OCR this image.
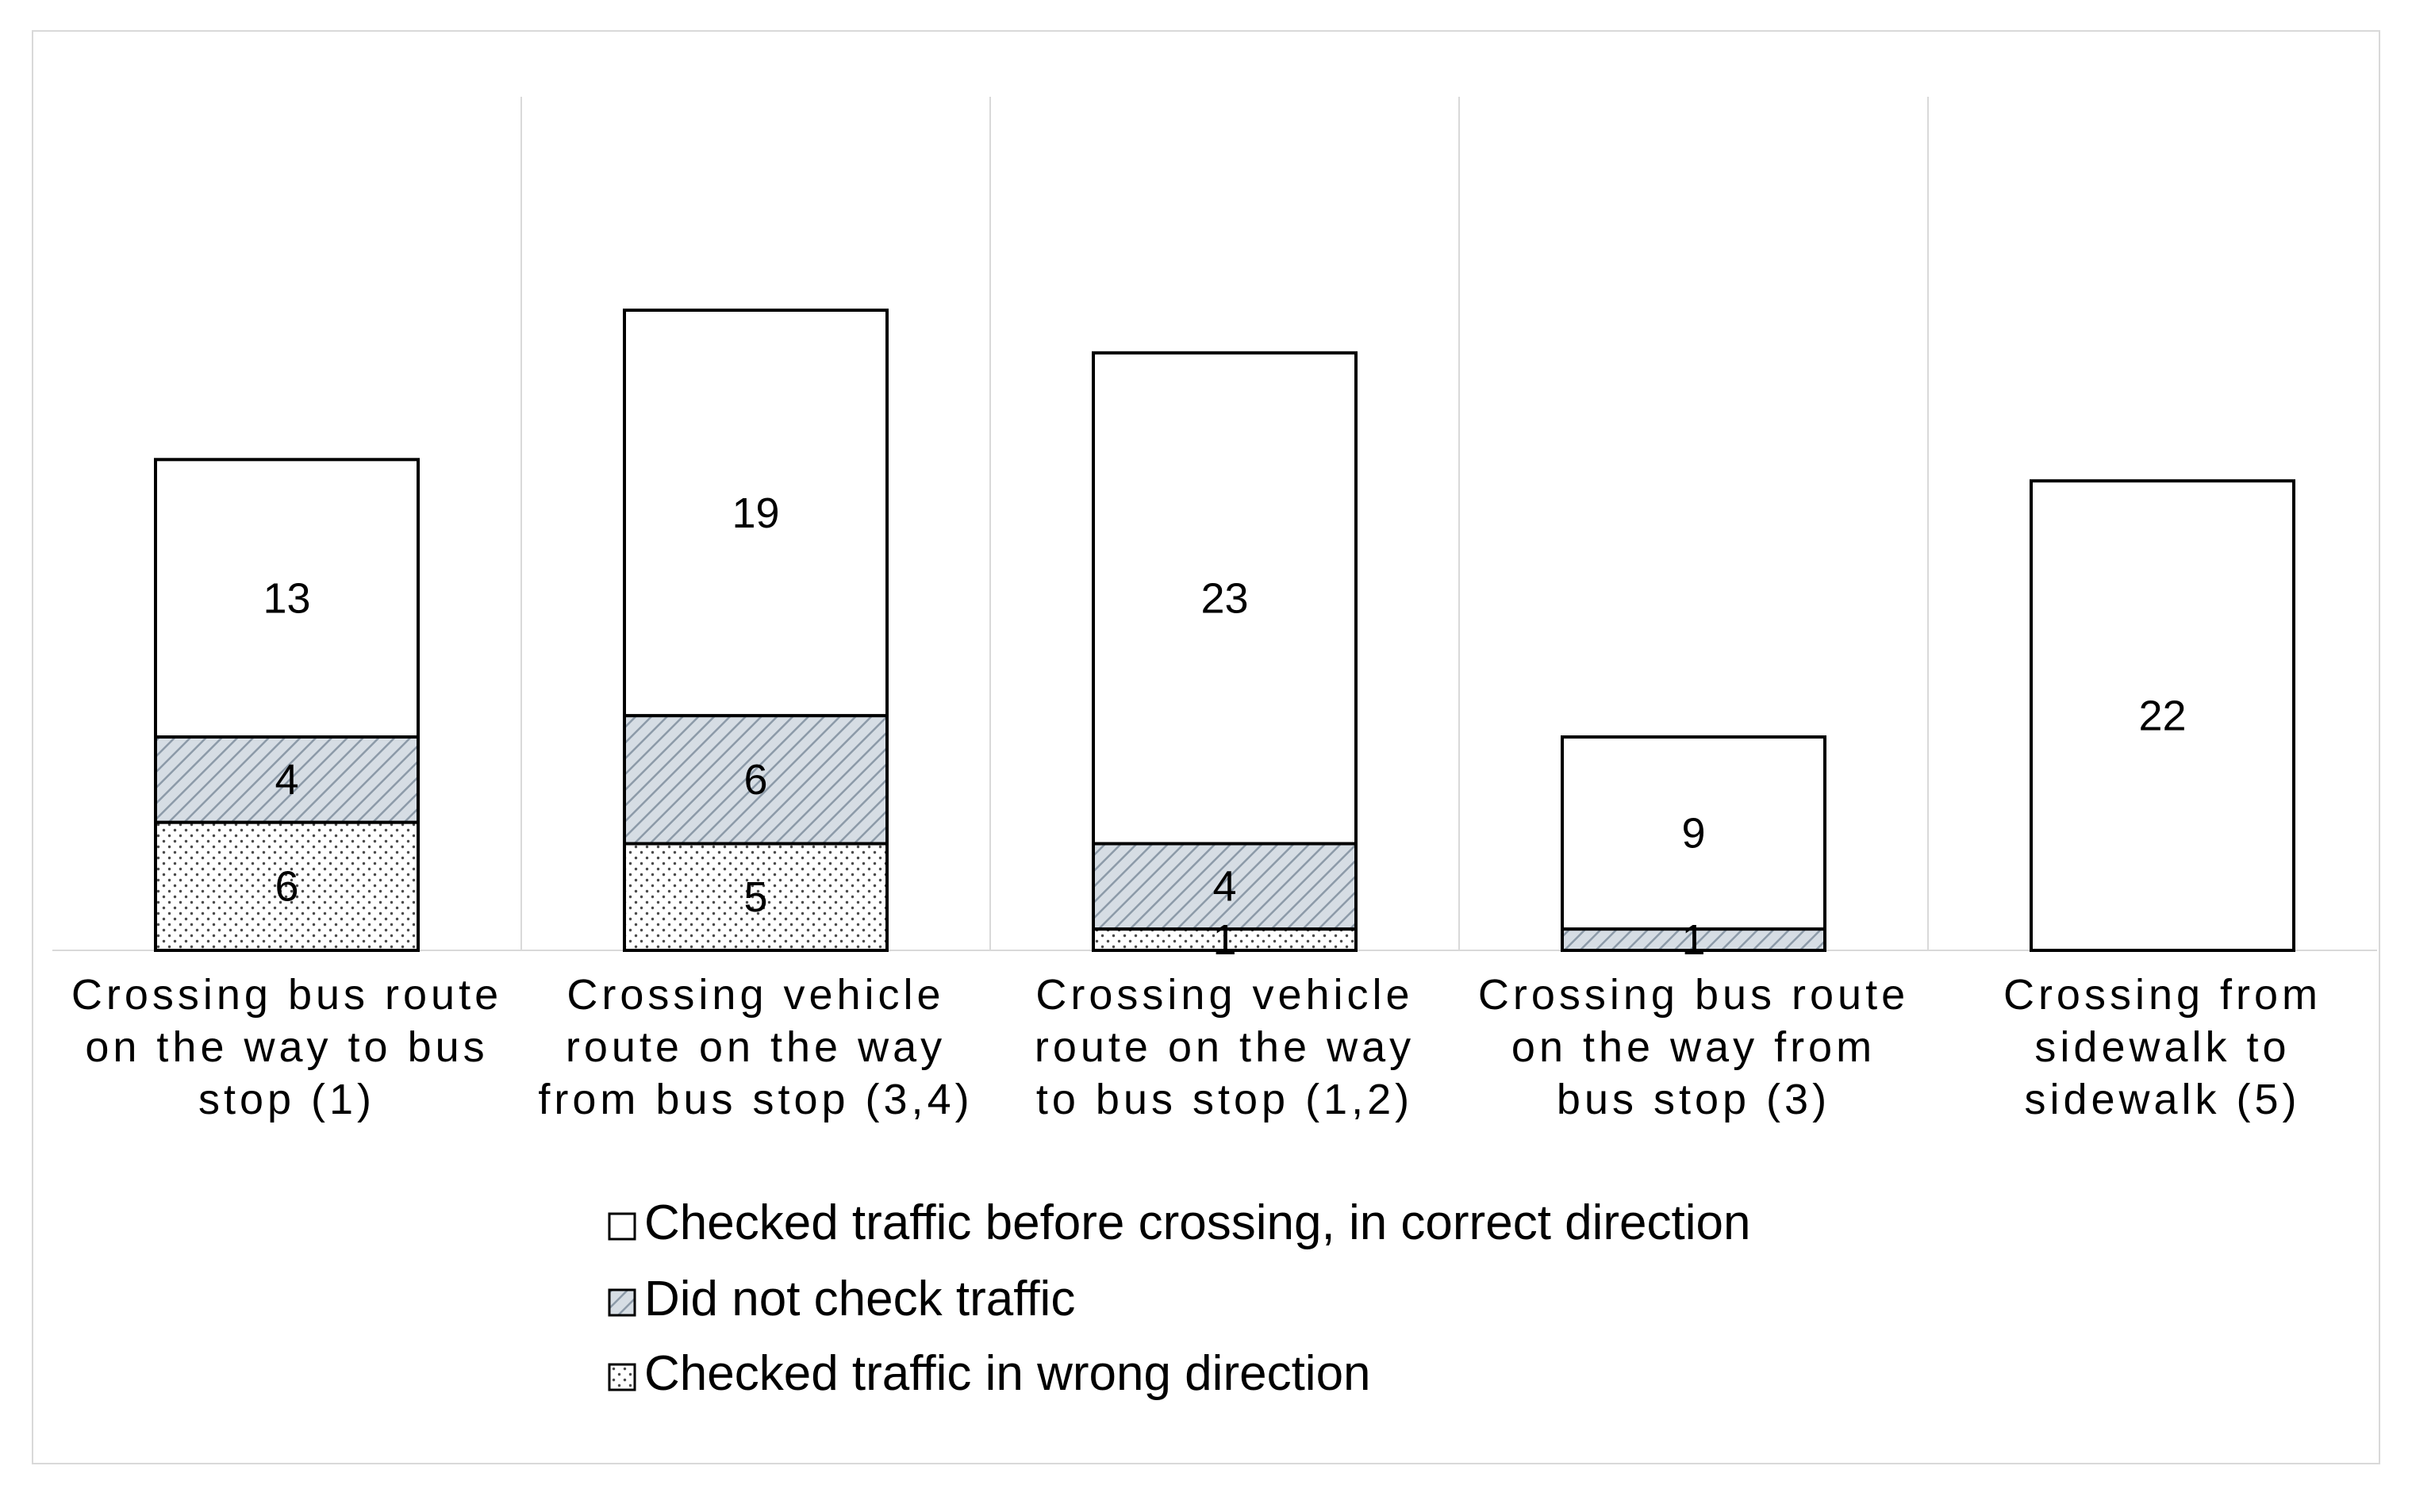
6
4
13
5
6
19
1
4
23
1
9
22
Crossing bus route
on the way to bus
stop (1)
Crossing vehicle
route on the way
from bus stop (3,4)
Crossing vehicle
route on the way
to bus stop (1,2)
Crossing bus route
on the way from
bus stop (3)
Crossing from
sidewalk to
sidewalk (5)
Checked traffic before crossing, in correct direction
Did not check traffic
Checked traffic in wrong direction
